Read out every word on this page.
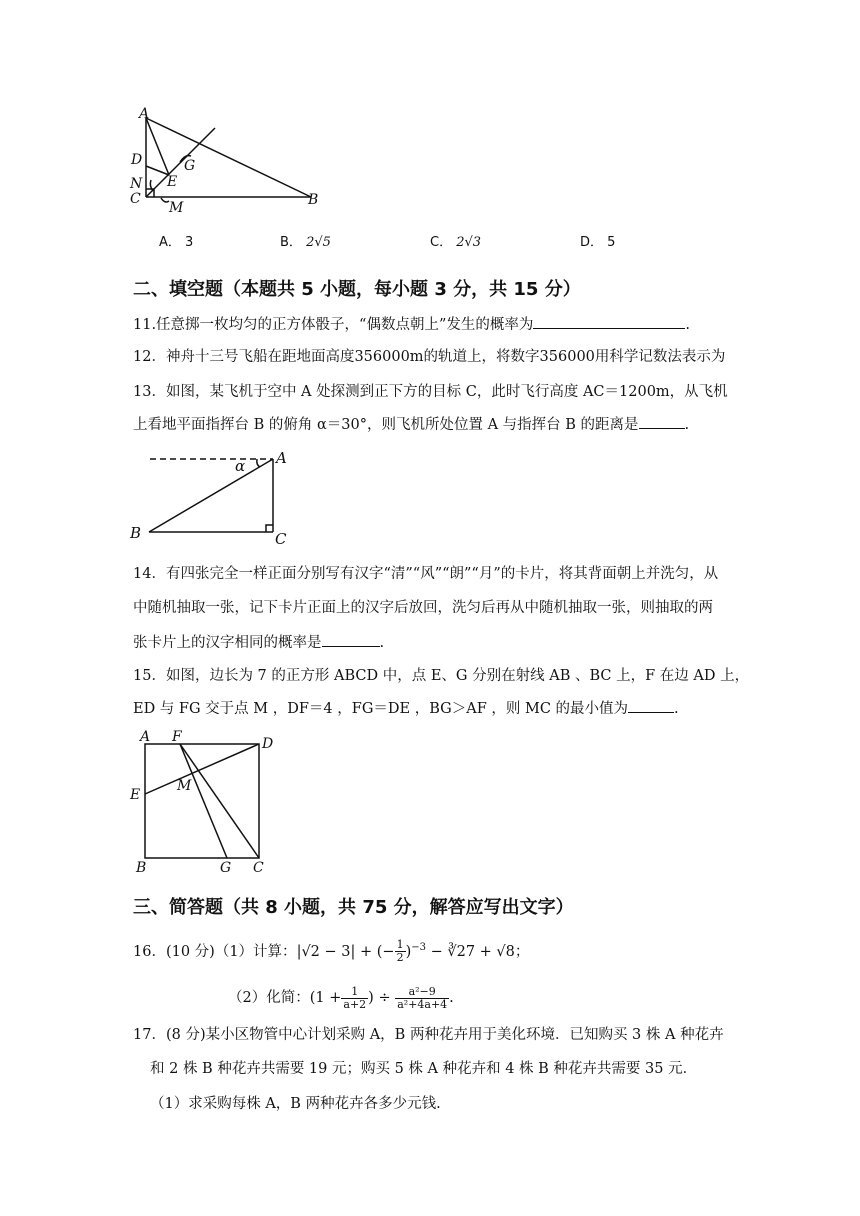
A
D
N
C
E
G
M	B
A． 3	B． 2√5	C． 2√3	D． 5
二、填空题（本题共 5 小题，每小题 3 分，共 15 分）
11.任意掷一枚均匀的正方体骰子，“偶数点朝上”发生的概率为	.
12．神舟十三号飞船在距地面高度356000m的轨道上，将数字356000用科学记数法表示为
13．如图，某飞机于空中 A 处探测到正下方的目标 C，此时飞行高度 AC＝1200m，从飞机
上看地平面指挥台 B 的俯角 α＝30°，则飞机所处位置 A 与指挥台 B 的距离是	.
α A
B	C
14．有四张完全一样正面分别写有汉字“清”“风”“朗”“月”的卡片，将其背面朝上并洗匀，从
中随机抽取一张，记下卡片正面上的汉字后放回，洗匀后再从中随机抽取一张，则抽取的两
张卡片上的汉字相同的概率是	.
15．如图，边长为 7 的正方形 ABCD 中，点 E、G 分别在射线 AB 、BC 上，F 在边 AD 上，
ED 与 FG 交于点 M ，DF＝4 ，FG＝DE ，BG＞AF ，则 MC 的最小值为	.
A F	D
E
M
B	G C
三、简答题（共 8 小题，共 75 分，解答应写出文字）
16．(10 分)（1）计算：|√2 − 3| + (− $\frac{1}{2} )^{-3}$ − ∛27 + √8；
（2）化简：($1 + \frac{1}{a+2}$ ) ÷ $\frac{\text{a²−9}}{\text{a²+4a+4}}$ .
17．(8 分)某小区物管中心计划采购 A，B 两种花卉用于美化环境．已知购买 3 株 A 种花卉
和 2 株 B 种花卉共需要 19 元；购买 5 株 A 种花卉和 4 株 B 种花卉共需要 35 元．
（1）求采购每株 A，B 两种花卉各多少元钱.
